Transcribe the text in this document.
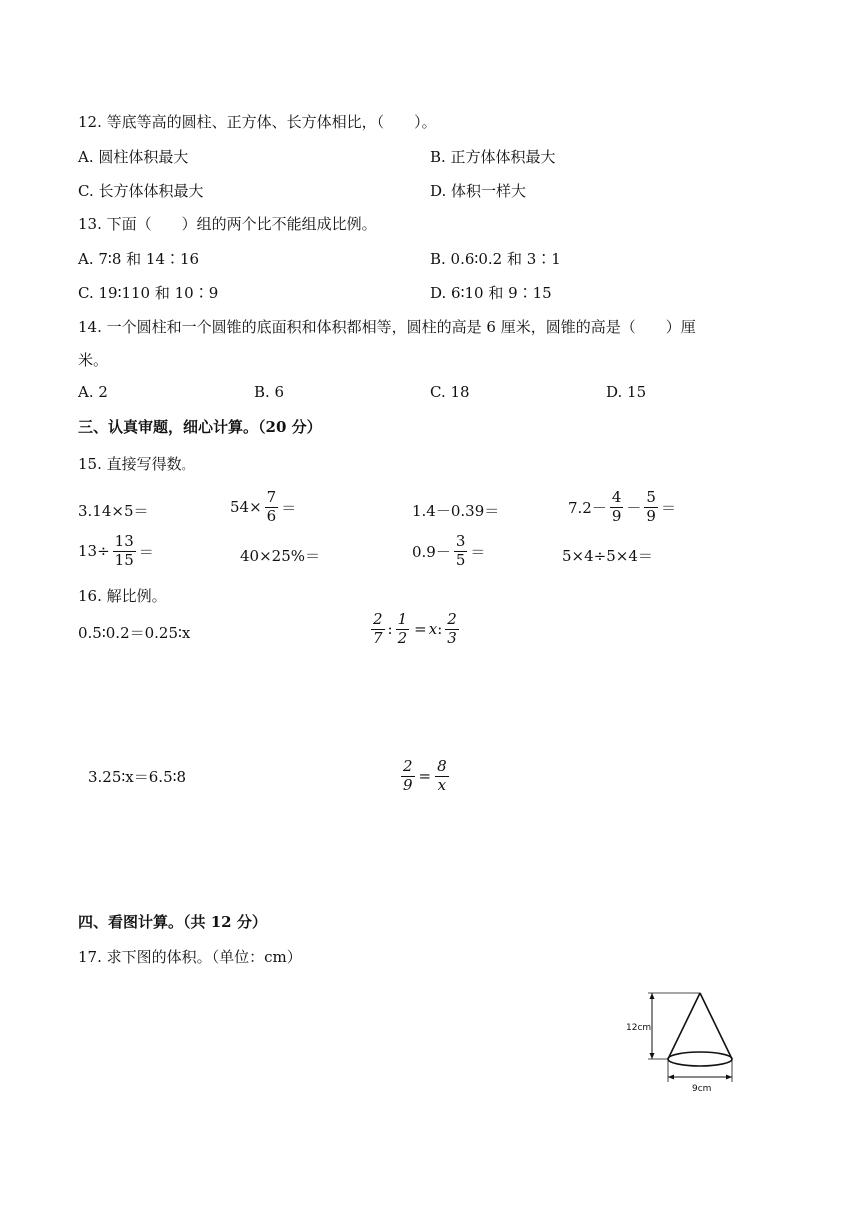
12. 等底等高的圆柱、正方体、长方体相比，（　　）。
A. 圆柱体积最大	B. 正方体体积最大
C. 长方体体积最大	D. 体积一样大
13. 下面（　　）组的两个比不能组成比例。
A. 7∶8 和 14∶16	B. 0.6∶0.2 和 3∶1
C. 19∶110 和 10∶9	D. 6∶10 和 9∶15
14. 一个圆柱和一个圆锥的底面积和体积都相等，圆柱的高是 6 厘米，圆锥的高是（　　）厘
米。
A. 2	B. 6	C. 18	D. 15
三、认真审题，细心计算。（20 分）
15. 直接写得数。
3.14×5＝	$54\times \frac{7}{6}$ ＝	1.4－0.39＝	$7.2- \frac{4}{9} - \frac{5}{9}$ ＝
$13\div \frac{13}{15}$ ＝	40×25%＝	$0.9- \frac{3}{5}$ ＝	5×4÷5×4＝
16. 解比例。
0.5∶0.2＝0.25∶x	$\frac{2}{7}$ : $\frac{1}{2} = x$ : $\frac{2}{3}$
3.25∶x＝6.5∶8	$\frac{2}{9} = \frac{8}{x}$
四、看图计算。（共 12 分）
17. 求下图的体积。（单位：cm）
12cm
9cm
